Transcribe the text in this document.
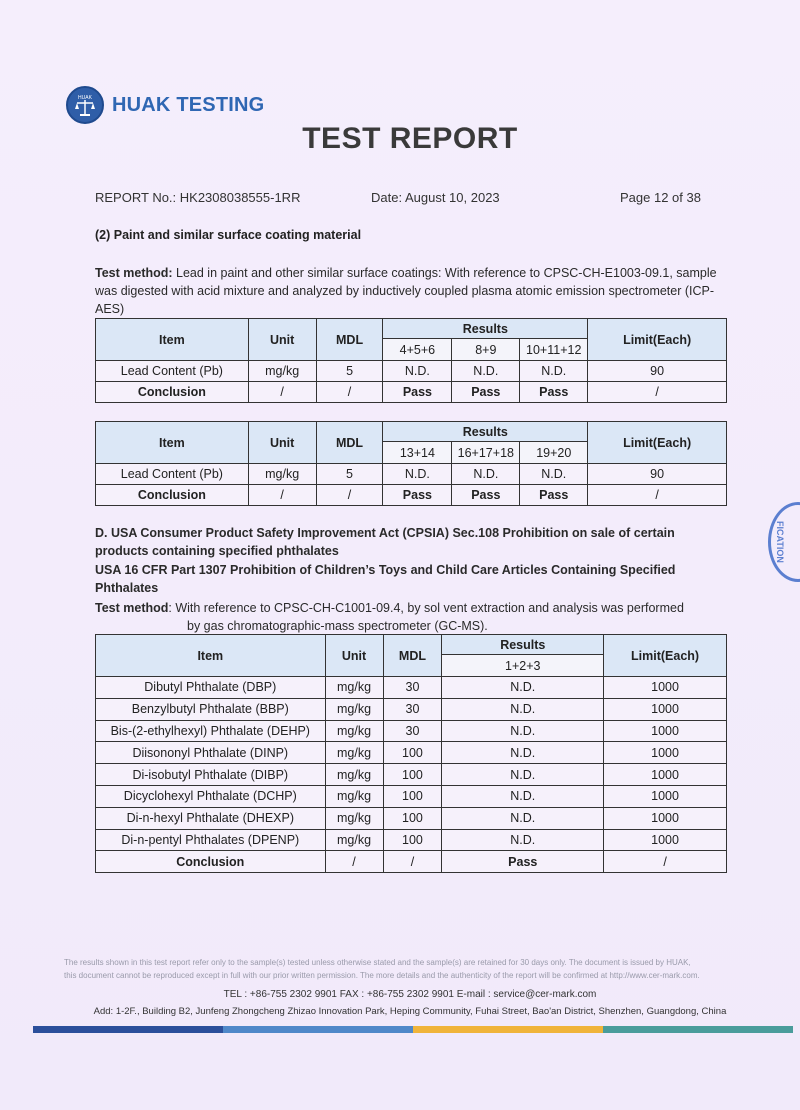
HUAK HUAK TESTING
TEST REPORT
REPORT No.: HK2308038555-1RR	Date: August 10, 2023	Page 12 of 38
(2) Paint and similar surface coating material
Test method: Lead in paint and other similar surface coatings: With reference to CPSC-CH-E1003-09.1, sample was digested with acid mixture and analyzed by inductively coupled plasma atomic emission spectrometer (ICP-AES)
Item	Unit	MDL	Results			Limit(Each)
			4+5+6	8+9	10+11+12	
Lead Content (Pb)	mg/kg	5	N.D.	N.D.	N.D.	90
Conclusion	/	/	Pass	Pass	Pass	/
Item	Unit	MDL	Results			Limit(Each)
			13+14	16+17+18	19+20	
Lead Content (Pb)	mg/kg	5	N.D.	N.D.	N.D.	90
Conclusion	/	/	Pass	Pass	Pass	/
D. USA Consumer Product Safety Improvement Act (CPSIA) Sec.108 Prohibition on sale of certain products containing specified phthalates
USA 16 CFR Part 1307 Prohibition of Children’s Toys and Child Care Articles Containing Specified Phthalates
Test method: With reference to CPSC-CH-C1001-09.4, by sol vent extraction and analysis was performed
by gas chromatographic-mass spectrometer (GC-MS).
Item	Unit	MDL	Results	Limit(Each)
			1+2+3	
Dibutyl Phthalate (DBP)	mg/kg	30	N.D.	1000
Benzylbutyl Phthalate (BBP)	mg/kg	30	N.D.	1000
Bis-(2-ethylhexyl) Phthalate (DEHP)	mg/kg	30	N.D.	1000
Diisononyl Phthalate (DINP)	mg/kg	100	N.D.	1000
Di-isobutyl Phthalate (DIBP)	mg/kg	100	N.D.	1000
Dicyclohexyl Phthalate (DCHP)	mg/kg	100	N.D.	1000
Di-n-hexyl Phthalate (DHEXP)	mg/kg	100	N.D.	1000
Di-n-pentyl Phthalates (DPENP)	mg/kg	100	N.D.	1000
Conclusion	/	/	Pass	/
FICATION
The results shown in this test report refer only to the sample(s) tested unless otherwise stated and the sample(s) are retained for 30 days only. The document is issued by HUAK,
this document cannot be reproduced except in full with our prior written permission. The more details and the authenticity of the report will be confirmed at http://www.cer-mark.com.
TEL : +86-755 2302 9901 FAX : +86-755 2302 9901 E-mail : service@cer-mark.com
Add: 1-2F., Building B2, Junfeng Zhongcheng Zhizao Innovation Park, Heping Community, Fuhai Street, Bao'an District, Shenzhen, Guangdong, China
